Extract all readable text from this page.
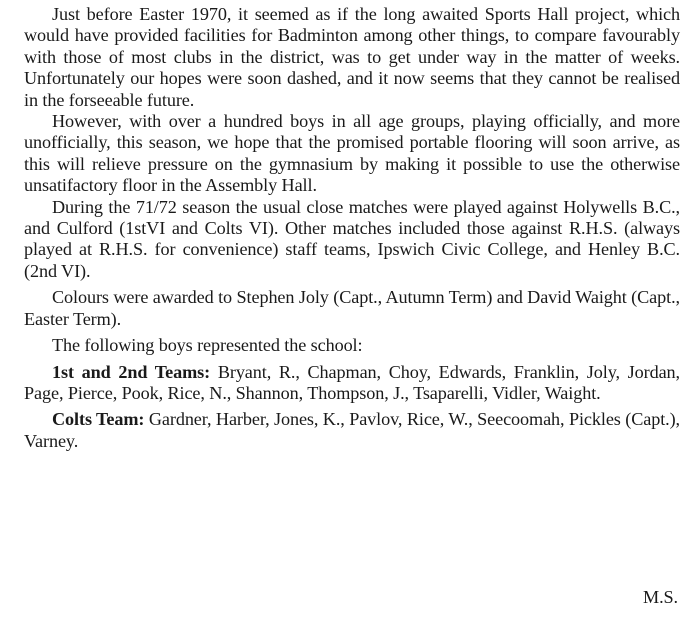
Just before Easter 1970, it seemed as if the long awaited Sports Hall project, which would have provided facilities for Badminton among other things, to compare favourably with those of most clubs in the district, was to get under way in the matter of weeks. Unfortunately our hopes were soon dashed, and it now seems that they cannot be realised in the forseeable future.

However, with over a hundred boys in all age groups, playing officially, and more unofficially, this season, we hope that the promised portable flooring will soon arrive, as this will relieve pressure on the gymnasium by making it possible to use the otherwise unsatifactory floor in the Assembly Hall.

During the 71/72 season the usual close matches were played against Holywells B.C., and Culford (1stVI and Colts VI). Other matches included those against R.H.S. (always played at R.H.S. for convenience) staff teams, Ipswich Civic College, and Henley B.C. (2nd VI).

Colours were awarded to Stephen Joly (Capt., Autumn Term) and David Waight (Capt., Easter Term).

The following boys represented the school:

1st and 2nd Teams: Bryant, R., Chapman, Choy, Edwards, Franklin, Joly, Jordan, Page, Pierce, Pook, Rice, N., Shannon, Thompson, J., Tsaparelli, Vidler, Waight.

Colts Team: Gardner, Harber, Jones, K., Pavlov, Rice, W., Seecoomah, Pickles (Capt.), Varney.

M.S.
